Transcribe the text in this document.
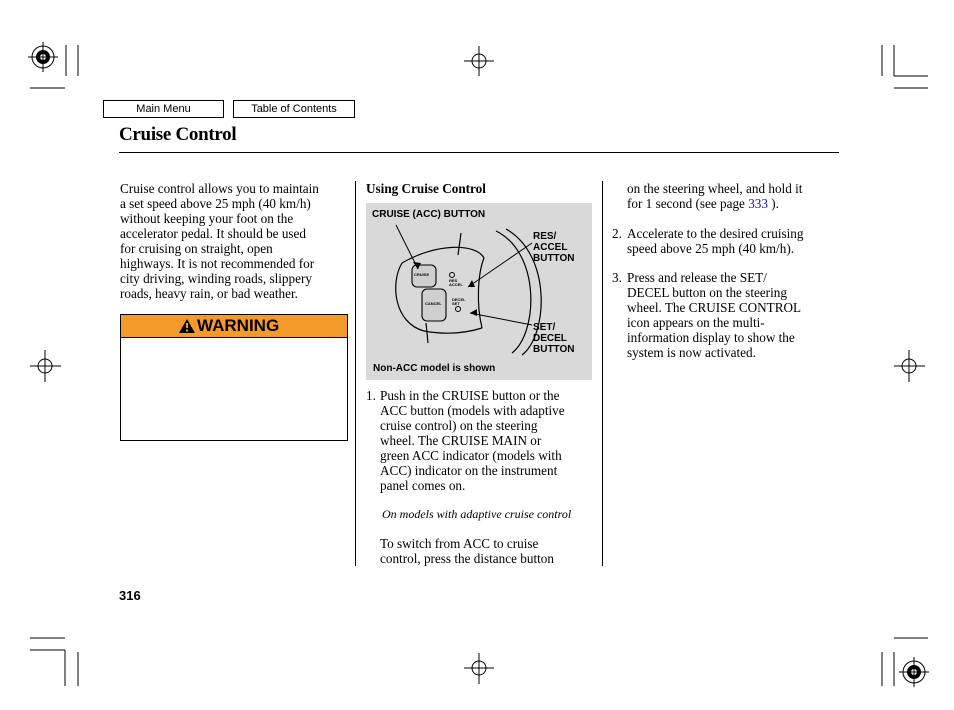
Main Menu	Table of Contents
Cruise Control
Cruise control allows you to maintain
a set speed above 25 mph (40 km/h)
without keeping your foot on the
accelerator pedal. It should be used
for cruising on straight, open
highways. It is not recommended for
city driving, winding roads, slippery
roads, heavy rain, or bad weather.
WARNING
Using Cruise Control
CRUISE (ACC) BUTTON
RES/
ACCEL
BUTTON
SET/
DECEL
BUTTON
Non-ACC model is shown
CRUISE
CANCEL
RES
ACCEL
DECEL
SET
1. Push in the CRUISE button or the
ACC button (models with adaptive
cruise control) on the steering
wheel. The CRUISE MAIN or
green ACC indicator (models with
ACC) indicator on the instrument
panel comes on.
On models with adaptive cruise control
To switch from ACC to cruise
control, press the distance button
on the steering wheel, and hold it
for 1 second (see page 333 ).
2. Accelerate to the desired cruising
speed above 25 mph (40 km/h).
3. Press and release the SET/
DECEL button on the steering
wheel. The CRUISE CONTROL
icon appears on the multi-
information display to show the
system is now activated.
316
